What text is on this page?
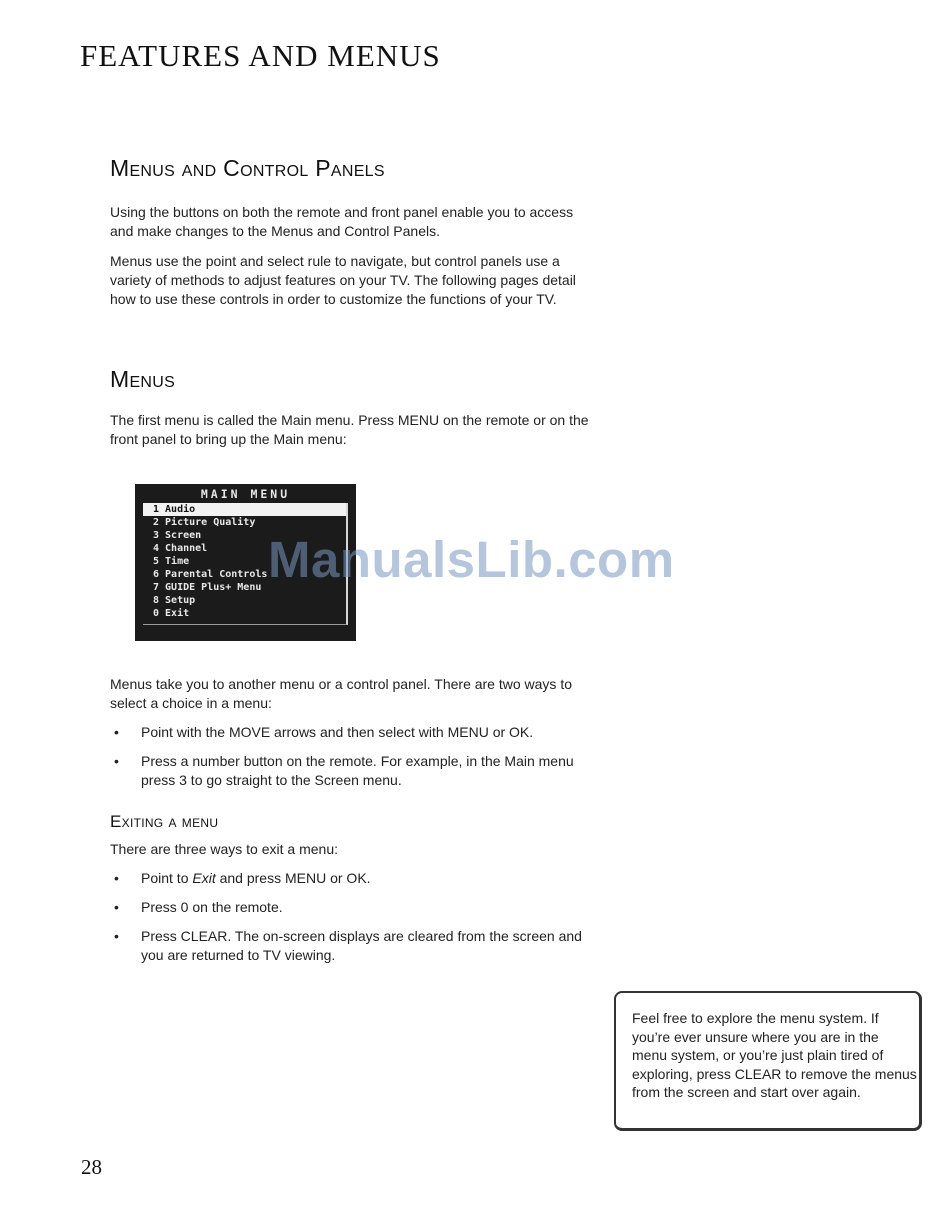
FEATURES AND MENUS
Menus and Control Panels

Using the buttons on both the remote and front panel enable you to access and make changes to the Menus and Control Panels.

Menus use the point and select rule to navigate, but control panels use a variety of methods to adjust features on your TV. The following pages detail how to use these controls in order to customize the functions of your TV.

Menus

The first menu is called the Main menu. Press MENU on the remote or on the front panel to bring up the Main menu:

MAIN MENU
1 Audio
2 Picture Quality
3 Screen
4 Channel
5 Time
6 Parental Controls
7 GUIDE Plus+ Menu
8 Setup
0 Exit
ManualsLib.com

Menus take you to another menu or a control panel. There are two ways to select a choice in a menu:

• Point with the MOVE arrows and then select with MENU or OK.
• Press a number button on the remote. For example, in the Main menu press 3 to go straight to the Screen menu.
Exiting a menu

There are three ways to exit a menu:

• Point to Exit and press MENU or OK.
• Press 0 on the remote.
• Press CLEAR. The on-screen displays are cleared from the screen and you are returned to TV viewing.

Feel free to explore the menu system. If you’re ever unsure where you are in the menu system, or you’re just plain tired of exploring, press CLEAR to remove the menus from the screen and start over again.

28
